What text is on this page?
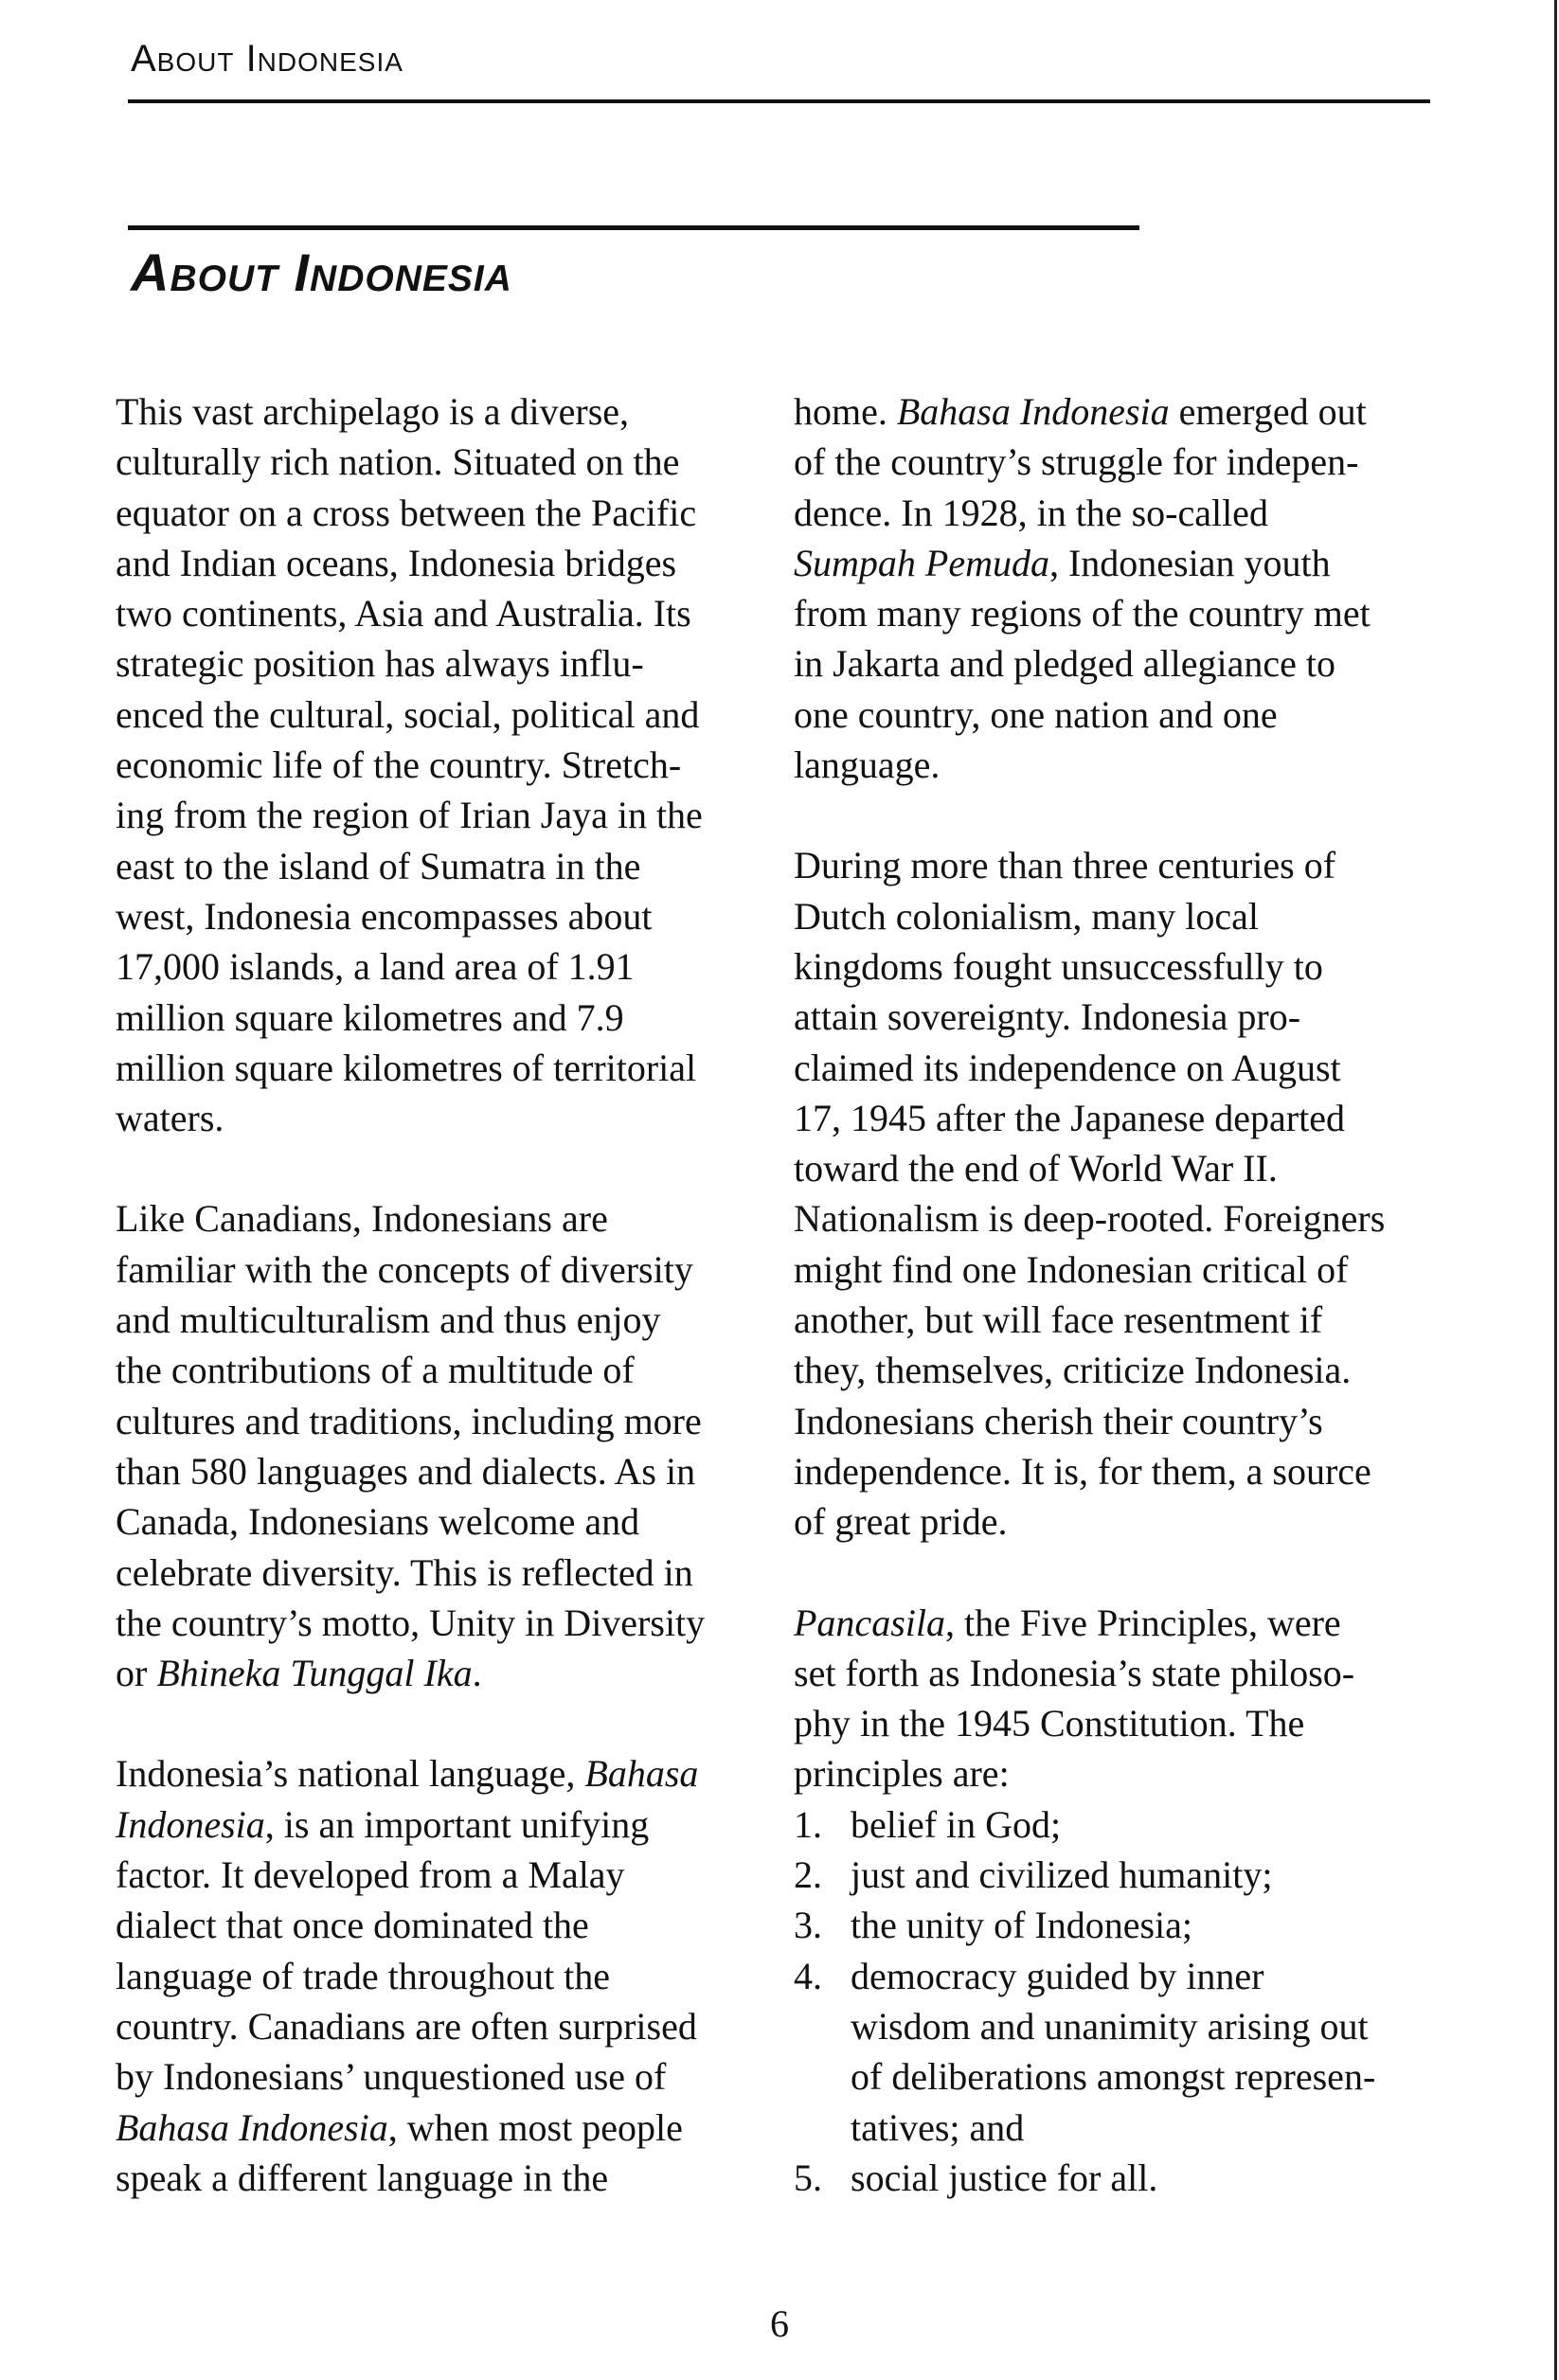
About Indonesia
About Indonesia

This vast archipelago is a diverse,
culturally rich nation. Situated on the
equator on a cross between the Pacific
and Indian oceans, Indonesia bridges
two continents, Asia and Australia. Its
strategic position has always influ-
enced the cultural, social, political and
economic life of the country. Stretch-
ing from the region of Irian Jaya in the
east to the island of Sumatra in the
west, Indonesia encompasses about
17,000 islands, a land area of 1.91
million square kilometres and 7.9
million square kilometres of territorial
waters.

Like Canadians, Indonesians are
familiar with the concepts of diversity
and multiculturalism and thus enjoy
the contributions of a multitude of
cultures and traditions, including more
than 580 languages and dialects. As in
Canada, Indonesians welcome and
celebrate diversity. This is reflected in
the country’s motto, Unity in Diversity
or Bhineka Tunggal Ika.

Indonesia’s national language, Bahasa
Indonesia, is an important unifying
factor. It developed from a Malay
dialect that once dominated the
language of trade throughout the
country. Canadians are often surprised
by Indonesians’ unquestioned use of
Bahasa Indonesia, when most people
speak a different language in the

home. Bahasa Indonesia emerged out
of the country’s struggle for indepen-
dence. In 1928, in the so-called
Sumpah Pemuda, Indonesian youth
from many regions of the country met
in Jakarta and pledged allegiance to
one country, one nation and one
language.

During more than three centuries of
Dutch colonialism, many local
kingdoms fought unsuccessfully to
attain sovereignty. Indonesia pro-
claimed its independence on August
17, 1945 after the Japanese departed
toward the end of World War II.
Nationalism is deep-rooted. Foreigners
might find one Indonesian critical of
another, but will face resentment if
they, themselves, criticize Indonesia.
Indonesians cherish their country’s
independence. It is, for them, a source
of great pride.

Pancasila, the Five Principles, were
set forth as Indonesia’s state philoso-
phy in the 1945 Constitution. The
principles are:

1. belief in God;
2. just and civilized humanity;
3. the unity of Indonesia;
4. democracy guided by inner
wisdom and unanimity arising out
of deliberations amongst represen-
tatives; and
5. social justice for all.
6
